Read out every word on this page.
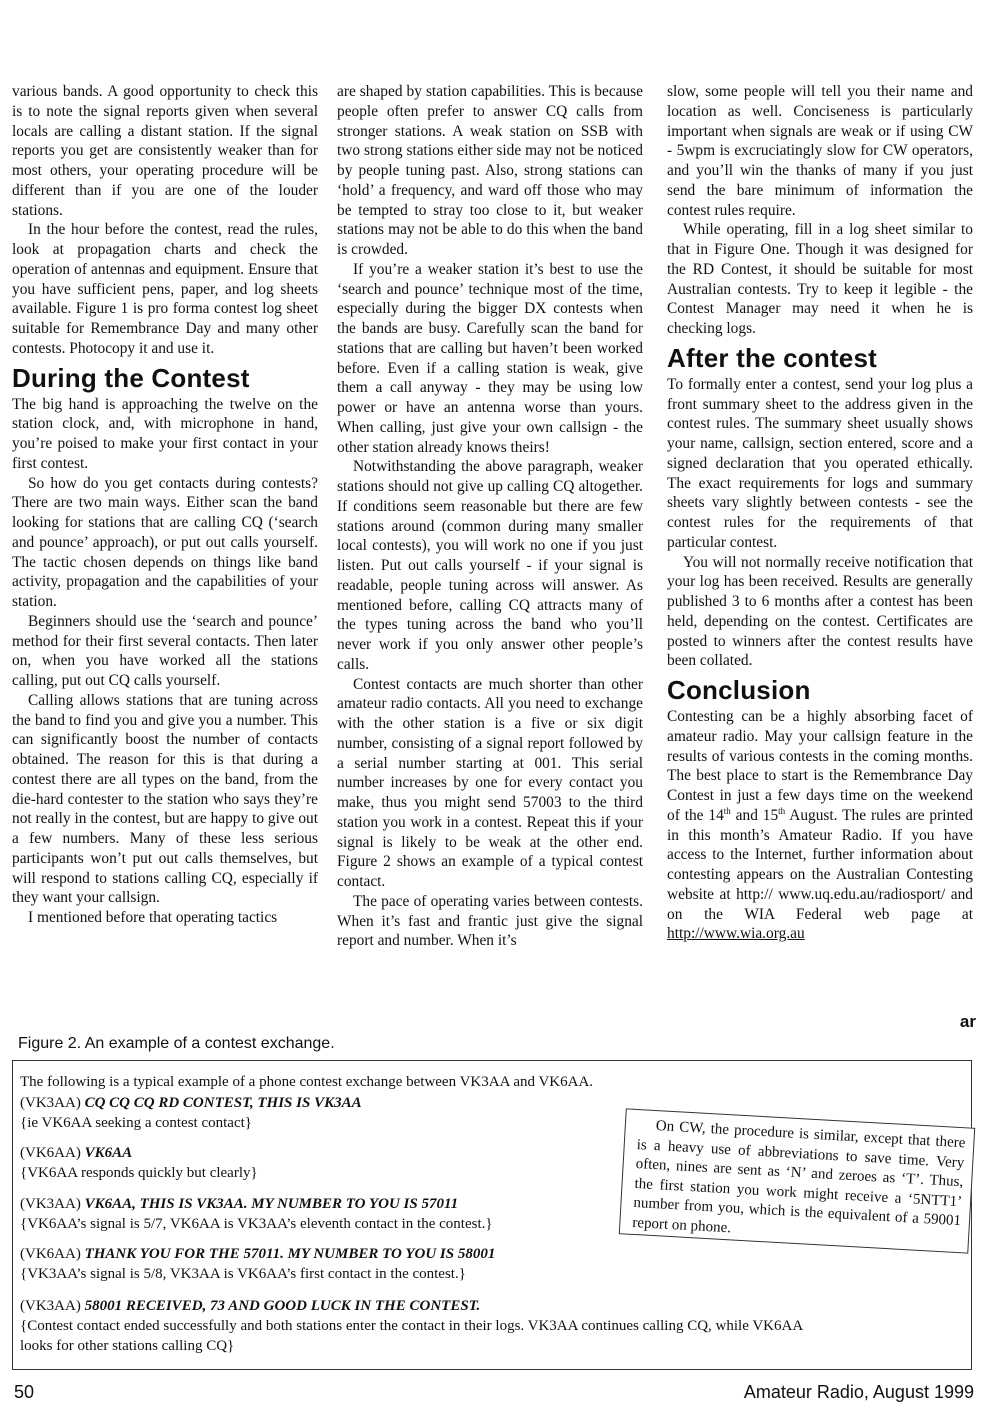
various bands. A good opportunity to check this is to note the signal reports given when several locals are calling a distant station. If the signal reports you get are consistently weaker than for most others, your operating procedure will be different than if you are one of the louder stations.

In the hour before the contest, read the rules, look at propagation charts and check the operation of antennas and equipment. Ensure that you have sufficient pens, paper, and log sheets available. Figure 1 is pro forma contest log sheet suitable for Remembrance Day and many other contests. Photocopy it and use it.

During the Contest

The big hand is approaching the twelve on the station clock, and, with microphone in hand, you’re poised to make your first contact in your first contest.

So how do you get contacts during contests? There are two main ways. Either scan the band looking for stations that are calling CQ (‘search and pounce’ approach), or put out calls yourself. The tactic chosen depends on things like band activity, propagation and the capabilities of your station.

Beginners should use the ‘search and pounce’ method for their first several contacts. Then later on, when you have worked all the stations calling, put out CQ calls yourself.

Calling allows stations that are tuning across the band to find you and give you a number. This can significantly boost the number of contacts obtained. The reason for this is that during a contest there are all types on the band, from the die-hard contester to the station who says they’re not really in the contest, but are happy to give out a few numbers. Many of these less serious participants won’t put out calls themselves, but will respond to stations calling CQ, especially if they want your callsign.

I mentioned before that operating tactics

are shaped by station capabilities. This is because people often prefer to answer CQ calls from stronger stations. A weak station on SSB with two strong stations either side may not be noticed by people tuning past. Also, strong stations can ‘hold’ a frequency, and ward off those who may be tempted to stray too close to it, but weaker stations may not be able to do this when the band is crowded.

If you’re a weaker station it’s best to use the ‘search and pounce’ technique most of the time, especially during the bigger DX contests when the bands are busy. Carefully scan the band for stations that are calling but haven’t been worked before. Even if a calling station is weak, give them a call anyway - they may be using low power or have an antenna worse than yours. When calling, just give your own callsign - the other station already knows theirs!

Notwithstanding the above paragraph, weaker stations should not give up calling CQ altogether. If conditions seem reasonable but there are few stations around (common during many smaller local contests), you will work no one if you just listen. Put out calls yourself - if your signal is readable, people tuning across will answer. As mentioned before, calling CQ attracts many of the types tuning across the band who you’ll never work if you only answer other people’s calls.

Contest contacts are much shorter than other amateur radio contacts. All you need to exchange with the other station is a five or six digit number, consisting of a signal report followed by a serial number starting at 001. This serial number increases by one for every contact you make, thus you might send 57003 to the third station you work in a contest. Repeat this if your signal is likely to be weak at the other end. Figure 2 shows an example of a typical contest contact.

The pace of operating varies between contests. When it’s fast and frantic just give the signal report and number. When it’s

slow, some people will tell you their name and location as well. Conciseness is particularly important when signals are weak or if using CW - 5wpm is excruciatingly slow for CW operators, and you’ll win the thanks of many if you just send the bare minimum of information the contest rules require.

While operating, fill in a log sheet similar to that in Figure One. Though it was designed for the RD Contest, it should be suitable for most Australian contests. Try to keep it legible - the Contest Manager may need it when he is checking logs.

After the contest

To formally enter a contest, send your log plus a front summary sheet to the address given in the contest rules. The summary sheet usually shows your name, callsign, section entered, score and a signed declaration that you operated ethically. The exact requirements for logs and summary sheets vary slightly between contests - see the contest rules for the requirements of that particular contest.

You will not normally receive notification that your log has been received. Results are generally published 3 to 6 months after a contest has been held, depending on the contest. Certificates are posted to winners after the contest results have been collated.

Conclusion

Contesting can be a highly absorbing facet of amateur radio. May your callsign feature in the results of various contests in the coming months. The best place to start is the Remembrance Day Contest in just a few days time on the weekend of the 14th and 15th August. The rules are printed in this month’s Amateur Radio. If you have access to the Internet, further information about contesting appears on the Australian Contesting website at http:// www.uq.edu.au/radiosport/ and on the WIA Federal web page at http://www.wia.org.au

ar
Figure 2. An example of a contest exchange.
The following is a typical example of a phone contest exchange between VK3AA and VK6AA.
(VK3AA) CQ CQ CQ RD CONTEST, THIS IS VK3AA
{ie VK6AA seeking a contest contact}
(VK6AA) VK6AA
{VK6AA responds quickly but clearly}
(VK3AA) VK6AA, THIS IS VK3AA. MY NUMBER TO YOU IS 57011
{VK6AA’s signal is 5/7, VK6AA is VK3AA’s eleventh contact in the contest.}
(VK6AA) THANK YOU FOR THE 57011. MY NUMBER TO YOU IS 58001
{VK3AA’s signal is 5/8, VK3AA is VK6AA’s first contact in the contest.}
(VK3AA) 58001 RECEIVED, 73 AND GOOD LUCK IN THE CONTEST.
{Contest contact ended successfully and both stations enter the contact in their logs. VK3AA continues calling CQ, while VK6AA
looks for other stations calling CQ}
On CW, the procedure is similar, except that there is a heavy use of abbreviations to save time. Very often, nines are sent as ‘N’ and zeroes as ‘T’. Thus, the first station you work might receive a ‘5NTT1’ number from you, which is the equivalent of a 59001 report on phone.
50	Amateur Radio, August 1999
